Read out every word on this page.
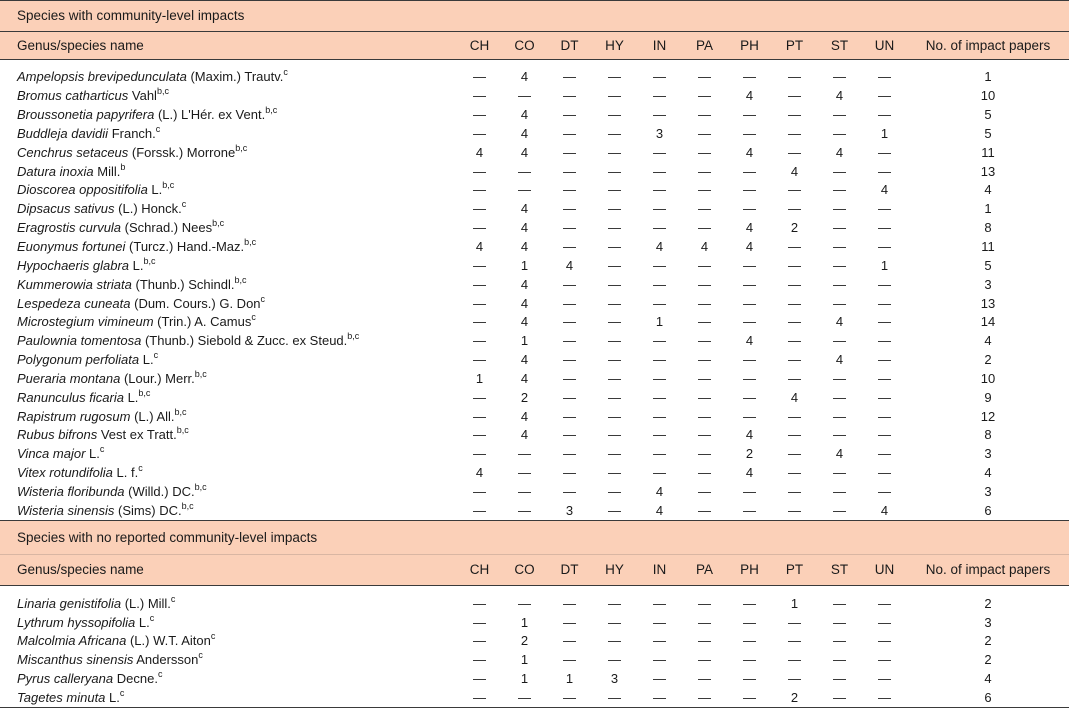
Species with community-level impacts											
Genus/species name	CH	CO	DT	HY	IN	PA	PH	PT	ST	UN	No. of impact papers

Ampelopsis brevipedunculata (Maxim.) Trautv.$^c$	—	4	—	—	—	—	—	—	—	—	1
Bromus catharticus Vahl$^{b,c}$	—	—	—	—	—	—	4	—	4	—	10
Broussonetia papyrifera (L.) L'Hér. ex Vent.$^{b,c}$	—	4	—	—	—	—	—	—	—	—	5
Buddleja davidii Franch.$^c$	—	4	—	—	3	—	—	—	—	1	5
Cenchrus setaceus (Forssk.) Morrone$^{b,c}$	4	4	—	—	—	—	4	—	4	—	11
Datura inoxia Mill.$^b$	—	—	—	—	—	—	—	4	—	—	13
Dioscorea oppositifolia L.$^{b,c}$	—	—	—	—	—	—	—	—	—	4	4
Dipsacus sativus (L.) Honck.$^c$	—	4	—	—	—	—	—	—	—	—	1
Eragrostis curvula (Schrad.) Nees$^{b,c}$	—	4	—	—	—	—	4	2	—	—	8
Euonymus fortunei (Turcz.) Hand.-Maz.$^{b,c}$	4	4	—	—	4	4	4	—	—	—	11
Hypochaeris glabra L.$^{b,c}$	—	1	4	—	—	—	—	—	—	1	5
Kummerowia striata (Thunb.) Schindl.$^{b,c}$	—	4	—	—	—	—	—	—	—	—	3
Lespedeza cuneata (Dum. Cours.) G. Don$^c$	—	4	—	—	—	—	—	—	—	—	13
Microstegium vimineum (Trin.) A. Camus$^c$	—	4	—	—	1	—	—	—	4	—	14
Paulownia tomentosa (Thunb.) Siebold & Zucc. ex Steud.$^{b,c}$	—	1	—	—	—	—	4	—	—	—	4
Polygonum perfoliata L.$^c$	—	4	—	—	—	—	—	—	4	—	2
Pueraria montana (Lour.) Merr.$^{b,c}$	1	4	—	—	—	—	—	—	—	—	10
Ranunculus ficaria L.$^{b,c}$	—	2	—	—	—	—	—	4	—	—	9
Rapistrum rugosum (L.) All.$^{b,c}$	—	4	—	—	—	—	—	—	—	—	12
Rubus bifrons Vest ex Tratt.$^{b,c}$	—	4	—	—	—	—	4	—	—	—	8
Vinca major L.$^c$	—	—	—	—	—	—	2	—	4	—	3
Vitex rotundifolia L. f.$^c$	4	—	—	—	—	—	4	—	—	—	4
Wisteria floribunda (Willd.) DC.$^{b,c}$	—	—	—	—	4	—	—	—	—	—	3
Wisteria sinensis (Sims) DC.$^{b,c}$	—	—	3	—	4	—	—	—	—	4	6
Species with no reported community-level impacts											
Genus/species name	CH	CO	DT	HY	IN	PA	PH	PT	ST	UN	No. of impact papers

Linaria genistifolia (L.) Mill.$^c$	—	—	—	—	—	—	—	1	—	—	2
Lythrum hyssopifolia L.$^c$	—	1	—	—	—	—	—	—	—	—	3
Malcolmia Africana (L.) W.T. Aiton$^c$	—	2	—	—	—	—	—	—	—	—	2
Miscanthus sinensis Andersson$^c$	—	1	—	—	—	—	—	—	—	—	2
Pyrus calleryana Decne.$^c$	—	1	1	3	—	—	—	—	—	—	4
Tagetes minuta L.$^c$	—	—	—	—	—	—	—	2	—	—	6
